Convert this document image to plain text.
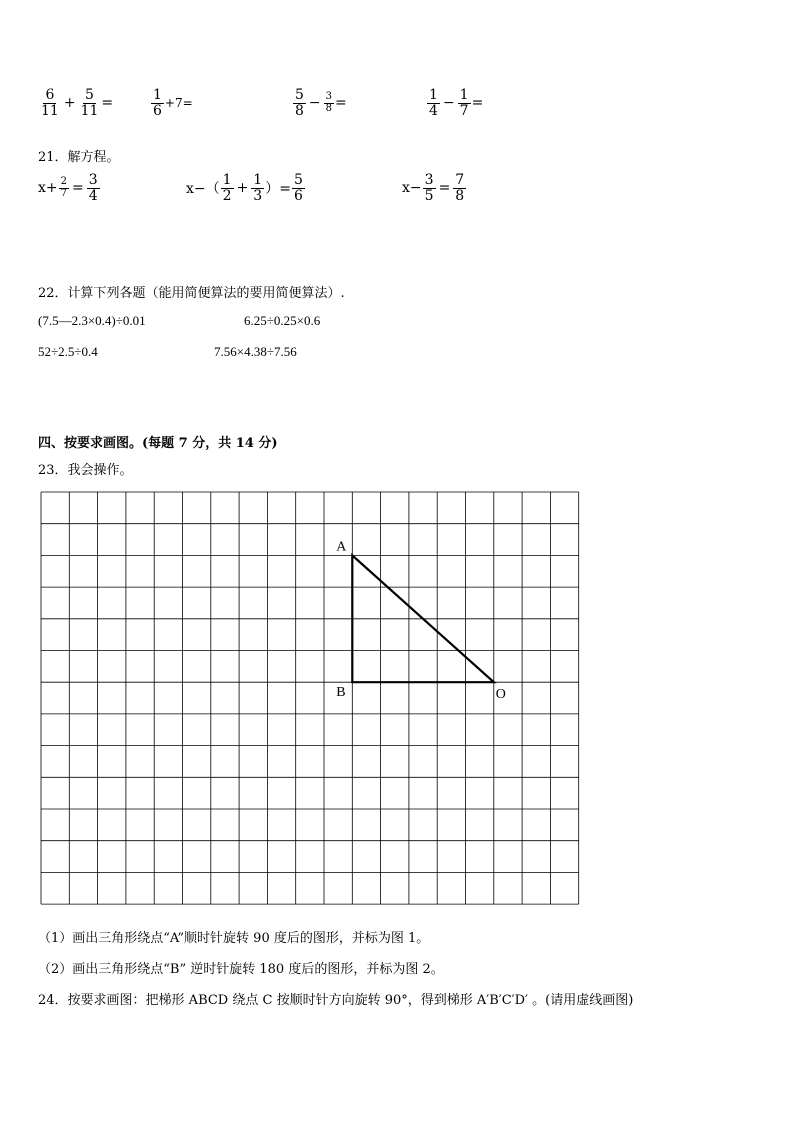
$\frac{6}{11} + \frac{5}{11}$ =	$\frac{1}{6} +7=$	$\frac{5}{8} - \frac{3}{8}$ =	$\frac{1}{4} - \frac{1}{7}$ =
21．解方程。
$x+ \frac{2}{7} = \frac{3}{4}$	$x-( \frac{1}{2} + \frac{1}{3}$ ）= $\frac{5}{6}$	$x- \frac{3}{5} = \frac{7}{8}$
22．计算下列各题（能用简便算法的要用简便算法）.
(7.5—2.3×0.4)÷0.01	6.25÷0.25×0.6
52÷2.5÷0.4	7.56×4.38÷7.56
四、按要求画图。(每题 7 分，共 14 分)
23．我会操作。
A
B	O
（1）画出三角形绕点“A”顺时针旋转 90 度后的图形，并标为图 1。
（2）画出三角形绕点“B” 逆时针旋转 180 度后的图形，并标为图 2。
24．按要求画图：把梯形 ABCD 绕点 C 按顺时针方向旋转 90°，得到梯形 A′B′C′D′ 。(请用虚线画图)
